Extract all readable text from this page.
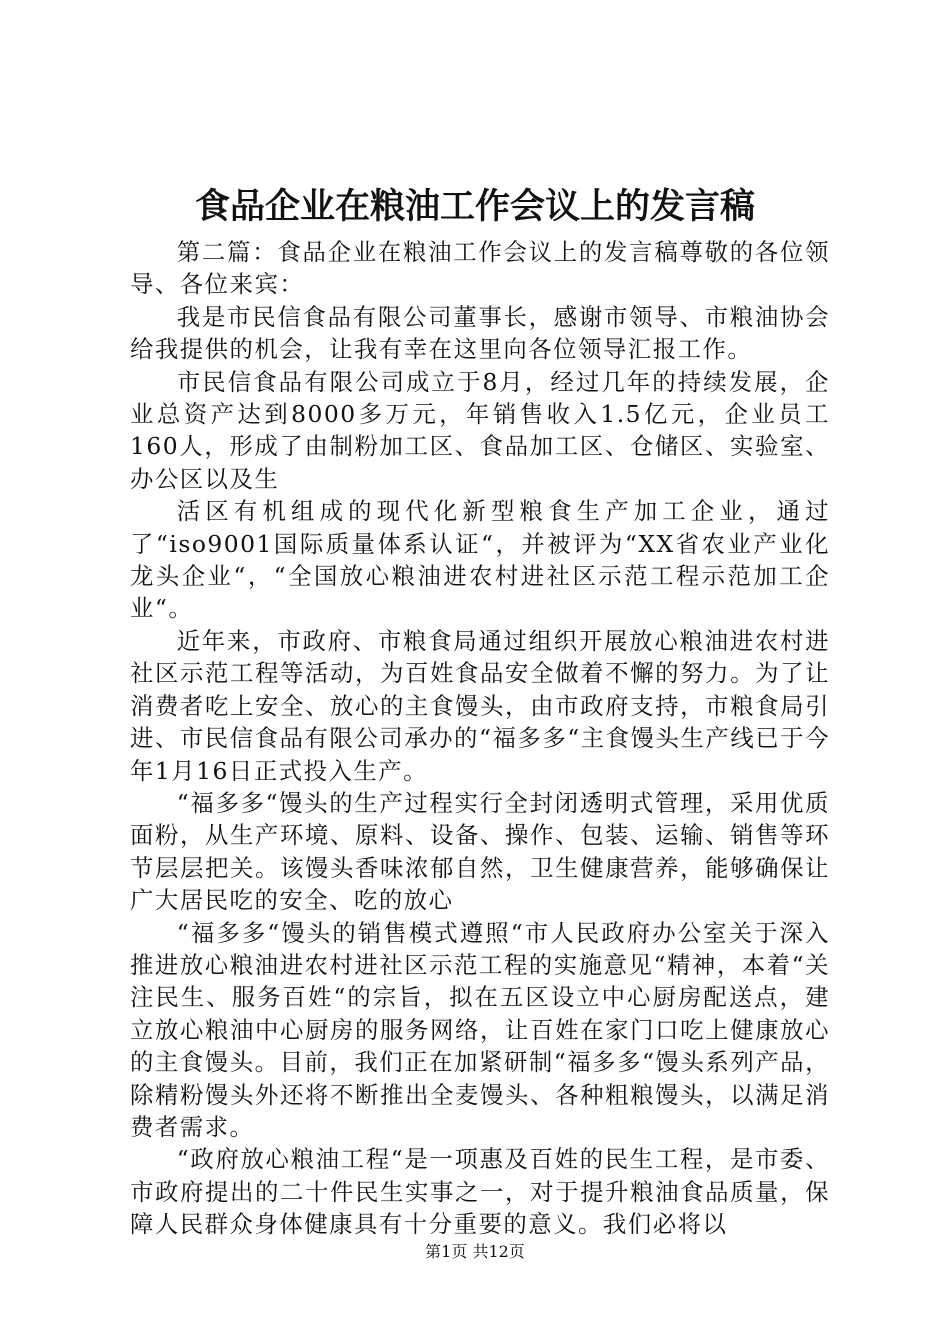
食品企业在粮油工作会议上的发言稿

第二篇：食品企业在粮油工作会议上的发言稿尊敬的各位领导、各位来宾：

我是市民信食品有限公司董事长，感谢市领导、市粮油协会给我提供的机会，让我有幸在这里向各位领导汇报工作。

市民信食品有限公司成立于8月，经过几年的持续发展，企业总资产达到8000多万元，年销售收入1.5亿元，企业员工160人，形成了由制粉加工区、食品加工区、仓储区、实验室、办公区以及生

活区有机组成的现代化新型粮食生产加工企业，通过了“iso9001国际质量体系认证“，并被评为“XX省农业产业化龙头企业“，“全国放心粮油进农村进社区示范工程示范加工企业“。

近年来，市政府、市粮食局通过组织开展放心粮油进农村进社区示范工程等活动，为百姓食品安全做着不懈的努力。为了让消费者吃上安全、放心的主食馒头，由市政府支持，市粮食局引进、市民信食品有限公司承办的“福多多“主食馒头生产线已于今年1月16日正式投入生产。

“福多多“馒头的生产过程实行全封闭透明式管理，采用优质面粉，从生产环境、原料、设备、操作、包装、运输、销售等环节层层把关。该馒头香味浓郁自然，卫生健康营养，能够确保让广大居民吃的安全、吃的放心

“福多多“馒头的销售模式遵照“市人民政府办公室关于深入推进放心粮油进农村进社区示范工程的实施意见“精神，本着“关注民生、服务百姓“的宗旨，拟在五区设立中心厨房配送点，建立放心粮油中心厨房的服务网络，让百姓在家门口吃上健康放心的主食馒头。目前，我们正在加紧研制“福多多“馒头系列产品，除精粉馒头外还将不断推出全麦馒头、各种粗粮馒头，以满足消费者需求。

“政府放心粮油工程“是一项惠及百姓的民生工程，是市委、市政府提出的二十件民生实事之一，对于提升粮油食品质量，保障人民群众身体健康具有十分重要的意义。我们必将以

第1页 共12页
